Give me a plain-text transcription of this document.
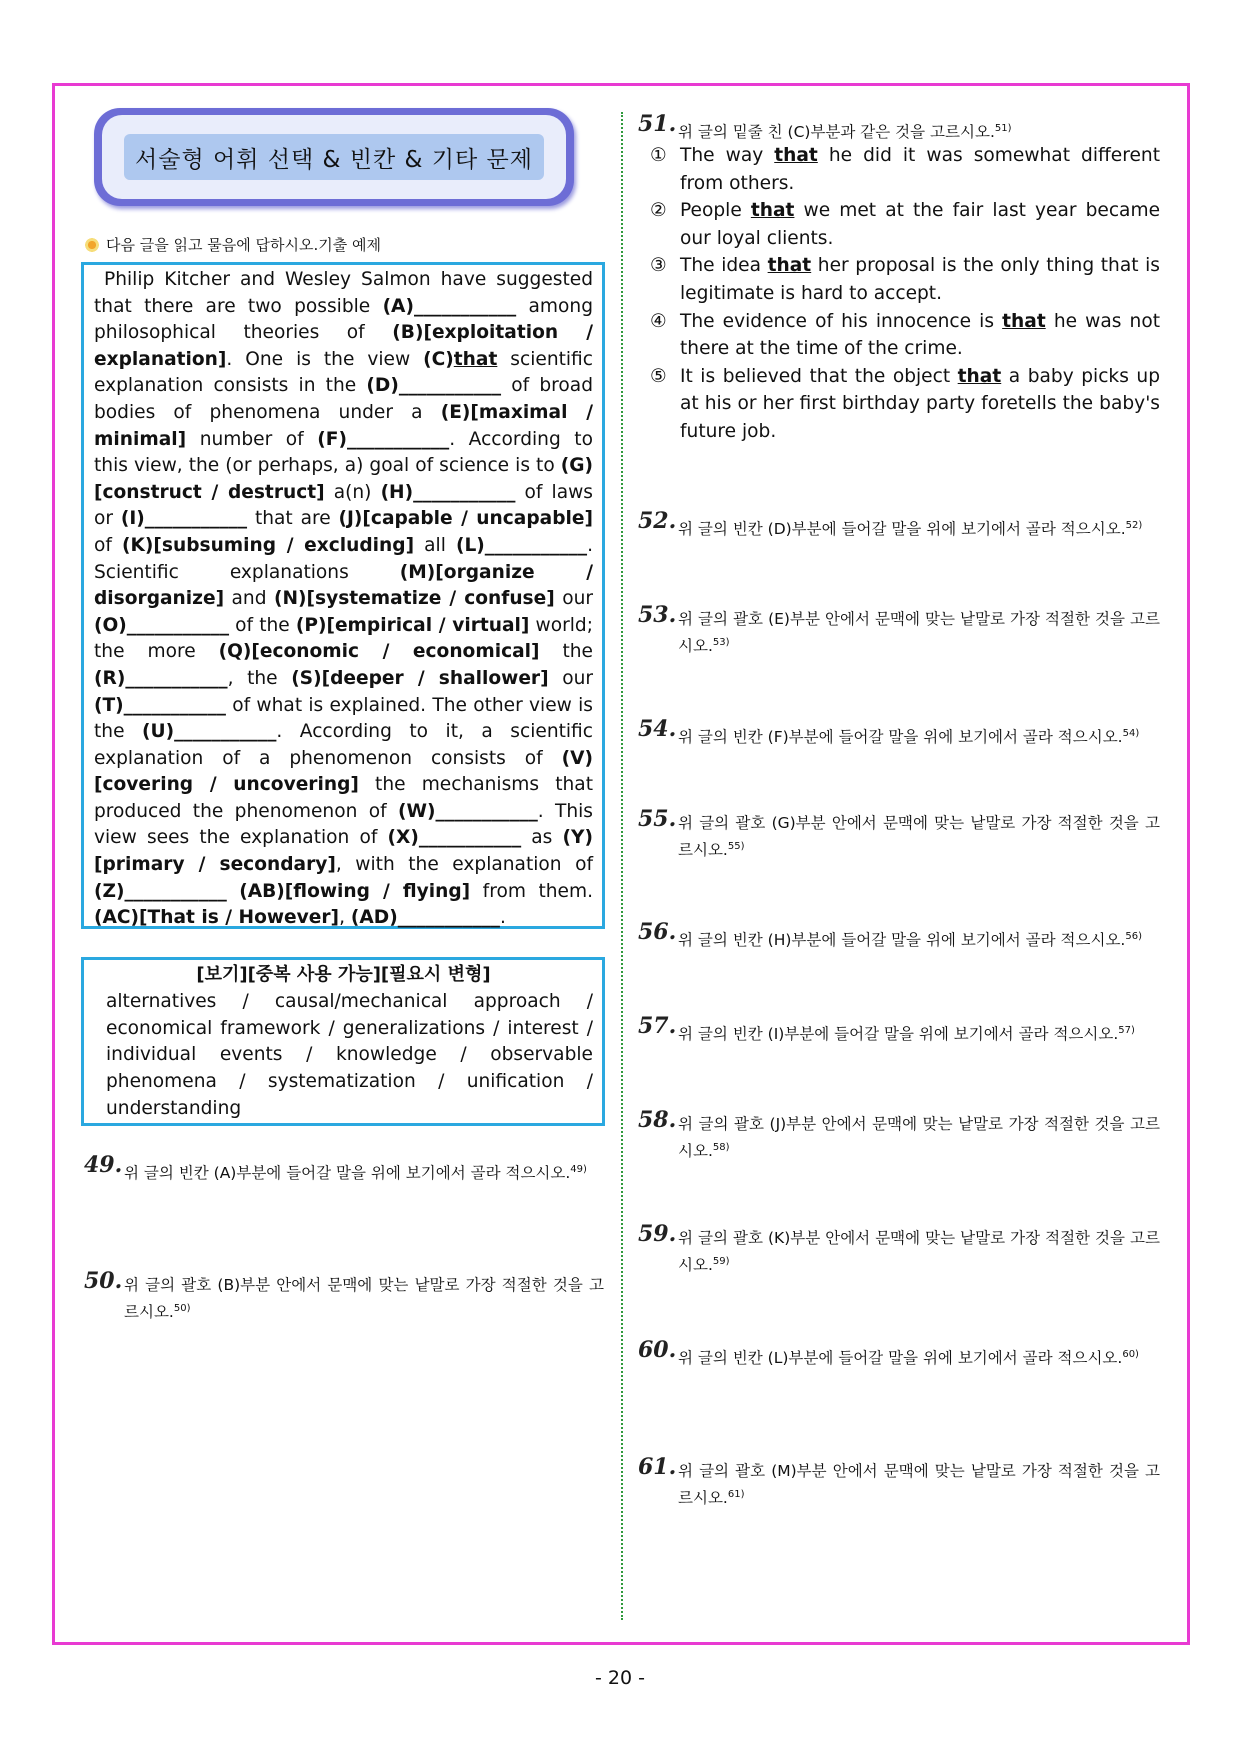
서술형 어휘 선택 & 빈칸 & 기타 문제
다음 글을 읽고 물음에 답하시오.기출 예제
Philip Kitcher and Wesley Salmon have suggested that there are two possible (A)___________ among philosophical theories of (B)[exploitation / explanation]. One is the view (C)that scientific explanation consists in the (D)___________ of broad bodies of phenomena under a (E)[maximal / minimal] number of (F)___________. According to this view, the (or perhaps, a) goal of science is to (G)[construct / destruct] a(n) (H)___________ of laws or (I)___________ that are (J)[capable / uncapable] of (K)[subsuming / excluding] all (L)___________. Scientific explanations (M)[organize / disorganize] and (N)[systematize / confuse] our (O)___________ of the (P)[empirical / virtual] world; the more (Q)[economic / economical] the (R)___________, the (S)[deeper / shallower] our (T)___________ of what is explained. The other view is the (U)___________. According to it, a scientific explanation of a phenomenon consists of (V)[covering / uncovering] the mechanisms that produced the phenomenon of (W)___________. This view sees the explanation of (X)___________ as (Y)[primary / secondary], with the explanation of (Z)___________ (AB)[flowing / flying] from them. (AC)[That is / However], (AD)___________.
[보기][중복 사용 가능][필요시 변형]
alternatives / causal/mechanical approach / economical framework / generalizations / interest / individual events / knowledge / observable phenomena / systematization / unification / understanding
49. 위 글의 빈칸 (A)부분에 들어갈 말을 위에 보기에서 골라 적으시오.$^{49)}$
50. 위 글의 괄호 (B)부분 안에서 문맥에 맞는 낱말로 가장 적절한 것을 고르시오.$^{50)}$
51. 위 글의 밑줄 친 (C)부분과 같은 것을 고르시오.$^{51)}$
① The way that he did it was somewhat different from others.
② People that we met at the fair last year became our loyal clients.
③ The idea that her proposal is the only thing that is legitimate is hard to accept.
④ The evidence of his innocence is that he was not there at the time of the crime.
⑤ It is believed that the object that a baby picks up at his or her first birthday party foretells the baby's future job.
52. 위 글의 빈칸 (D)부분에 들어갈 말을 위에 보기에서 골라 적으시오.$^{52)}$
53. 위 글의 괄호 (E)부분 안에서 문맥에 맞는 낱말로 가장 적절한 것을 고르시오.$^{53)}$
54. 위 글의 빈칸 (F)부분에 들어갈 말을 위에 보기에서 골라 적으시오.$^{54)}$
55. 위 글의 괄호 (G)부분 안에서 문맥에 맞는 낱말로 가장 적절한 것을 고르시오.$^{55)}$
56. 위 글의 빈칸 (H)부분에 들어갈 말을 위에 보기에서 골라 적으시오.$^{56)}$
57. 위 글의 빈칸 (I)부분에 들어갈 말을 위에 보기에서 골라 적으시오.$^{57)}$
58. 위 글의 괄호 (J)부분 안에서 문맥에 맞는 낱말로 가장 적절한 것을 고르시오.$^{58)}$
59. 위 글의 괄호 (K)부분 안에서 문맥에 맞는 낱말로 가장 적절한 것을 고르시오.$^{59)}$
60. 위 글의 빈칸 (L)부분에 들어갈 말을 위에 보기에서 골라 적으시오.$^{60)}$
61. 위 글의 괄호 (M)부분 안에서 문맥에 맞는 낱말로 가장 적절한 것을 고르시오.$^{61)}$
- 20 -
